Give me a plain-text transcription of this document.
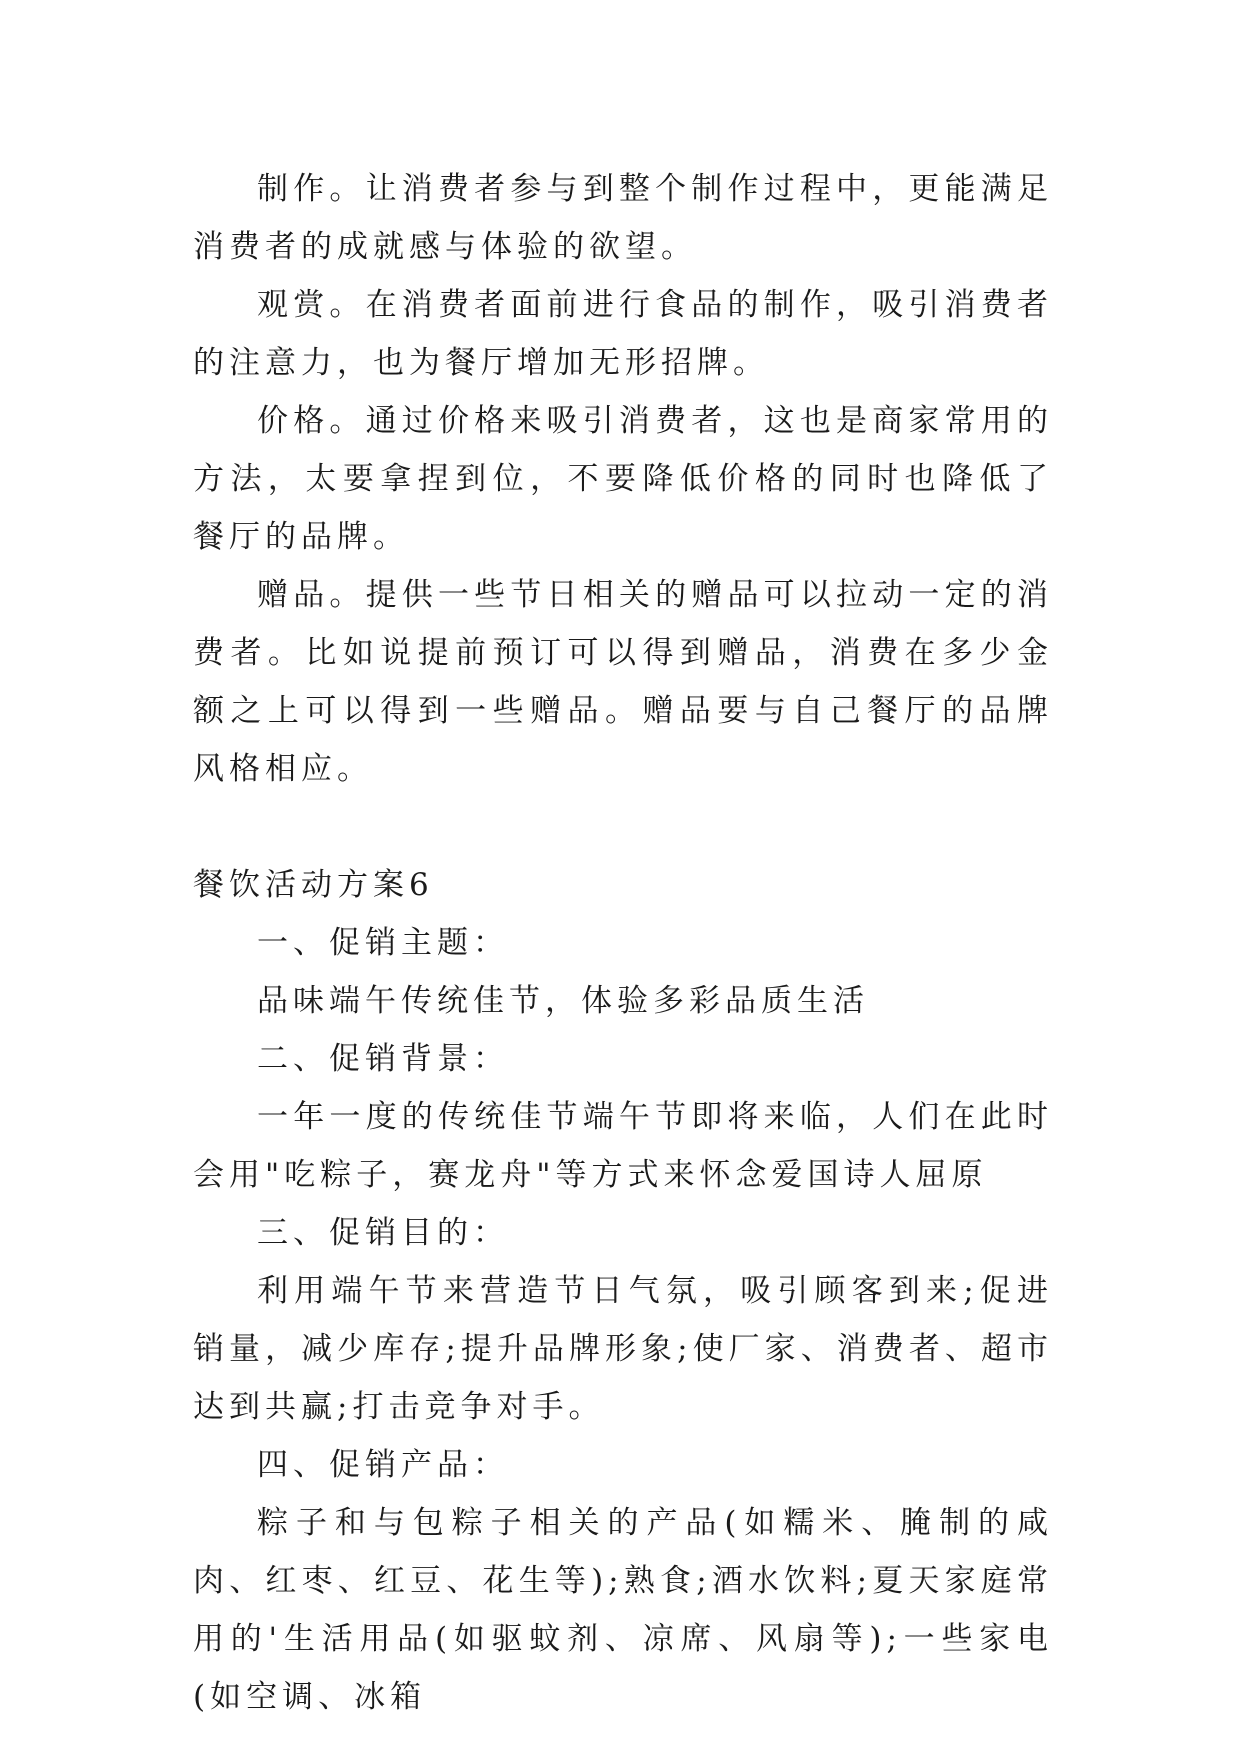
制作。让消费者参与到整个制作过程中，更能满足消费者的成就感与体验的欲望。

观赏。在消费者面前进行食品的制作，吸引消费者的注意力，也为餐厅增加无形招牌。

价格。通过价格来吸引消费者，这也是商家常用的方法，太要拿捏到位，不要降低价格的同时也降低了餐厅的品牌。

赠品。提供一些节日相关的赠品可以拉动一定的消费者。比如说提前预订可以得到赠品，消费在多少金额之上可以得到一些赠品。赠品要与自己餐厅的品牌风格相应。

餐饮活动方案6

一、促销主题：

品味端午传统佳节，体验多彩品质生活

二、促销背景：

一年一度的传统佳节端午节即将来临，人们在此时会用"吃粽子，赛龙舟"等方式来怀念爱国诗人屈原

三、促销目的：

利用端午节来营造节日气氛，吸引顾客到来;促进销量，减少库存;提升品牌形象;使厂家、消费者、超市达到共赢;打击竞争对手。

四、促销产品：

粽子和与包粽子相关的产品(如糯米、腌制的咸肉、红枣、红豆、花生等);熟食;酒水饮料;夏天家庭常用的'生活用品(如驱蚊剂、凉席、风扇等);一些家电(如空调、冰箱
